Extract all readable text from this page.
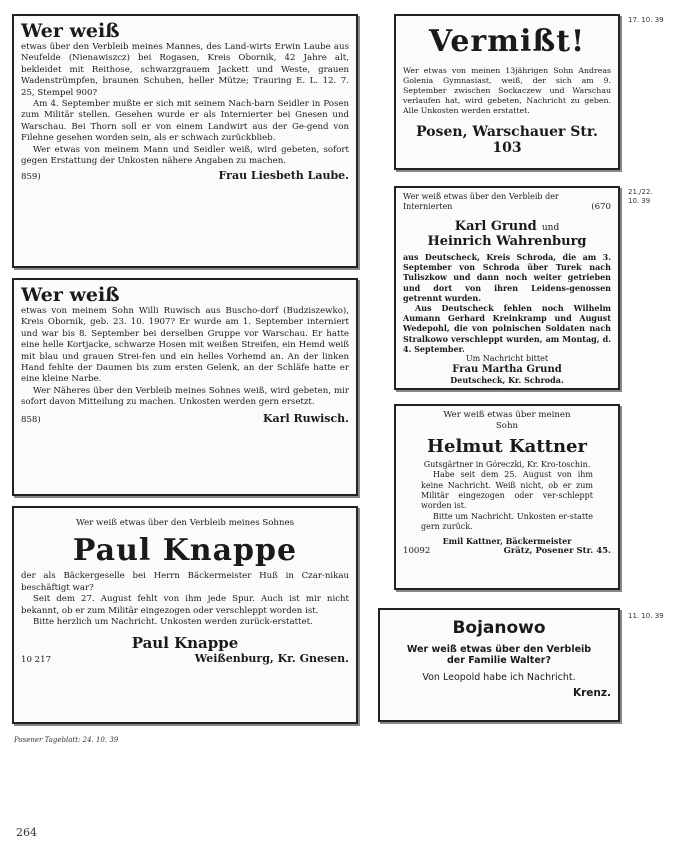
Wer weiß

etwas über den Verbleib meines Mannes, des Land-wirts Erwin Laube aus Neufelde (Nienawiszcz) bei Rogasen, Kreis Obornik, 42 Jahre alt, bekleidet mit Reithose, schwarzgrauem Jackett und Weste, grauen Wadenstrümpfen, braunen Schuhen, heller Mütze; Trauring E. L. 12. 7. 25, Stempel 900?

Am 4. September mußte er sich mit seinem Nach-barn Seidler in Posen zum Militär stellen. Gesehen wurde er als Internierter bei Gnesen und Warschau. Bei Thorn soll er von einem Landwirt aus der Ge-gend von Filehne gesehen worden sein, als er schwach zurückblieb.

Wer etwas von meinem Mann und Seidler weiß, wird gebeten, sofort gegen Erstattung der Unkosten nähere Angaben zu machen.

859)	Frau Liesbeth Laube.
Wer weiß

etwas von meinem Sohn Willi Ruwisch aus Buscho-dorf (Budziszewko), Kreis Obornik, geb. 23. 10. 1907? Er wurde am 1. September interniert und war bis 8. September bei derselben Gruppe vor Warschau. Er hatte eine helle Kortjacke, schwarze Hosen mit weißen Streifen, ein Hemd weiß mit blau und grauen Strei-fen und ein helles Vorhemd an. An der linken Hand fehlte der Daumen bis zum ersten Gelenk, an der Schläfe hatte er eine kleine Narbe.

Wer Näheres über den Verbleib meines Sohnes weiß, wird gebeten, mir sofort davon Mitteilung zu machen. Unkosten werden gern ersetzt.

858)	Karl Ruwisch.

Wer weiß etwas über den Verbleib meines Sohnes

Paul Knappe

der als Bäckergeselle bei Herrn Bäckermeister Huß in Czar-nikau beschäftigt war?

Seit dem 27. August fehlt von ihm jede Spur. Auch ist mir nicht bekannt, ob er zum Militär eingezogen oder verschleppt worden ist.

Bitte herzlich um Nachricht. Unkosten werden zurück-erstattet.

Paul Knappe
10 217	Weißenburg, Kr. Gnesen.
Vermißt!

Wer etwas von meinen 13jährigen Sohn Andreas Golenia Gymnasiast, weiß, der sich am 9. September zwischen Sockaczew und Warschau verlaufen hat, wird gebeten, Nachricht zu geben. Alle Unkosten werden erstattet.

Posen, Warschauer Str. 103
17. 10. 39
Wer weiß etwas über den Verbleib der Internierten	(670
Karl Grund und
Heinrich Wahrenburg

aus Deutscheck, Kreis Schroda, die am 3. September von Schroda über Turek nach Tuliszkow und dann noch weiter getrieben und dort von ihren Leidens-genossen getrennt wurden.

Aus Deutscheck fehlen noch Wilhelm Aumann Gerhard Kreinkramp und August Wedepohl, die von polnischen Soldaten nach Stralkowo verschleppt wurden, am Montag, d. 4. September.

Um Nachricht bittet

Frau Martha Grund
Deutscheck, Kr. Schroda.
21./22.
10. 39

Wer weiß etwas über meinen Sohn

Helmut Kattner

Gutsgärtner in Góreczki, Kr. Kro-toschin.

Habe seit dem 25. August von ihm keine Nachricht. Weiß nicht, ob er zum Militär eingezogen oder ver-schleppt worden ist.

Bitte um Nachricht. Unkosten er-statte gern zurück.

Emil Kattner, Bäckermeister
10092	Grätz, Posener Str. 45.
Bojanowo
Wer weiß etwas über den Verbleib
der Familie Walter?
Von Leopold habe ich Nachricht.
Krenz.
11. 10. 39
Posener Tageblatt: 24. 10. 39
264
